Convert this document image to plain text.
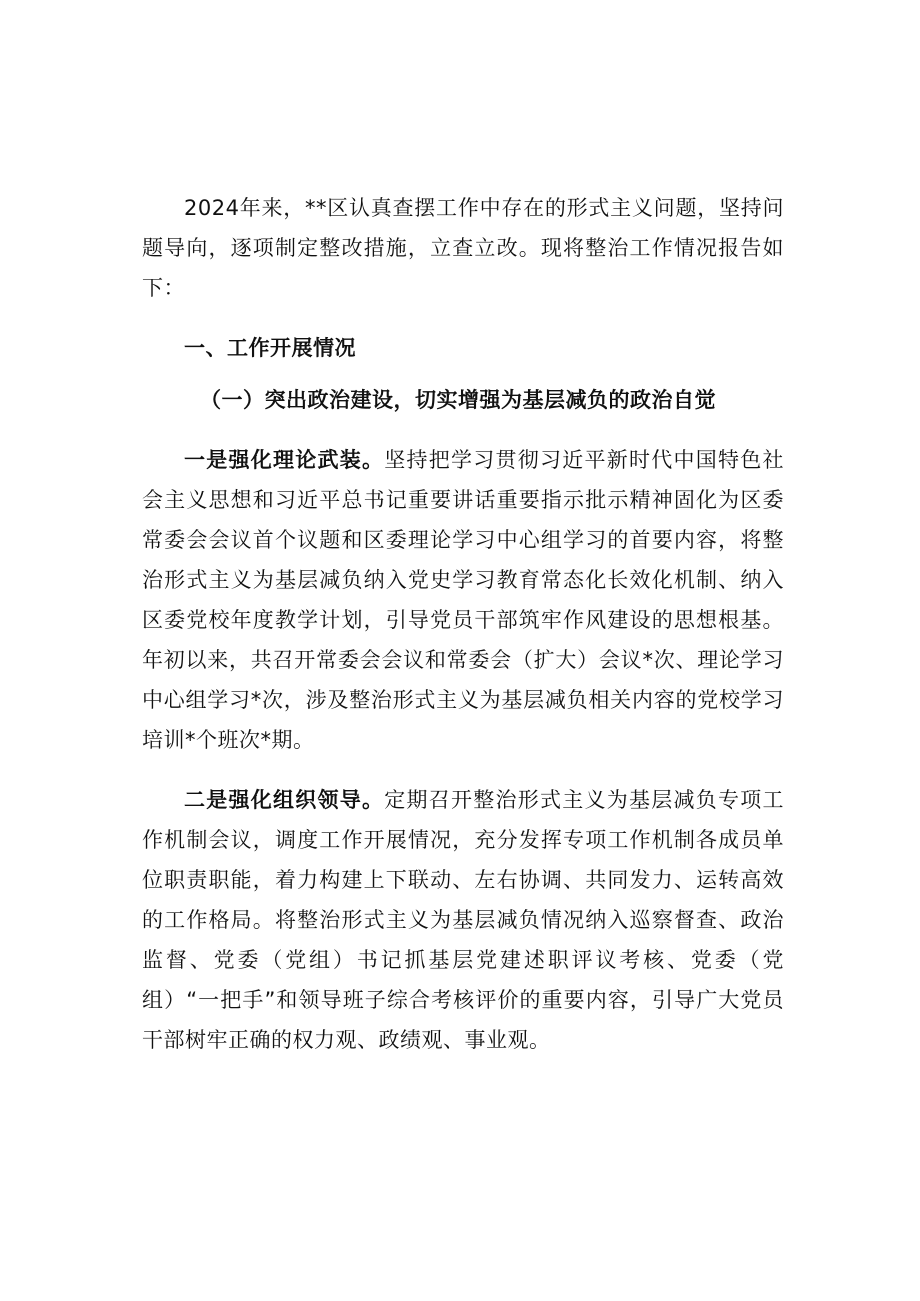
2024年来，**区认真查摆工作中存在的形式主义问题，坚持问题导向，逐项制定整改措施，立查立改。现将整治工作情况报告如下：

一、工作开展情况

（一）突出政治建设，切实增强为基层减负的政治自觉

一是强化理论武装。坚持把学习贯彻习近平新时代中国特色社会主义思想和习近平总书记重要讲话重要指示批示精神固化为区委常委会会议首个议题和区委理论学习中心组学习的首要内容，将整治形式主义为基层减负纳入党史学习教育常态化长效化机制、纳入区委党校年度教学计划，引导党员干部筑牢作风建设的思想根基。年初以来，共召开常委会会议和常委会（扩大）会议*次、理论学习中心组学习*次，涉及整治形式主义为基层减负相关内容的党校学习培训*个班次*期。

二是强化组织领导。定期召开整治形式主义为基层减负专项工作机制会议，调度工作开展情况，充分发挥专项工作机制各成员单位职责职能，着力构建上下联动、左右协调、共同发力、运转高效的工作格局。将整治形式主义为基层减负情况纳入巡察督查、政治监督、党委（党组）书记抓基层党建述职评议考核、党委（党组）“一把手”和领导班子综合考核评价的重要内容，引导广大党员干部树牢正确的权力观、政绩观、事业观。
